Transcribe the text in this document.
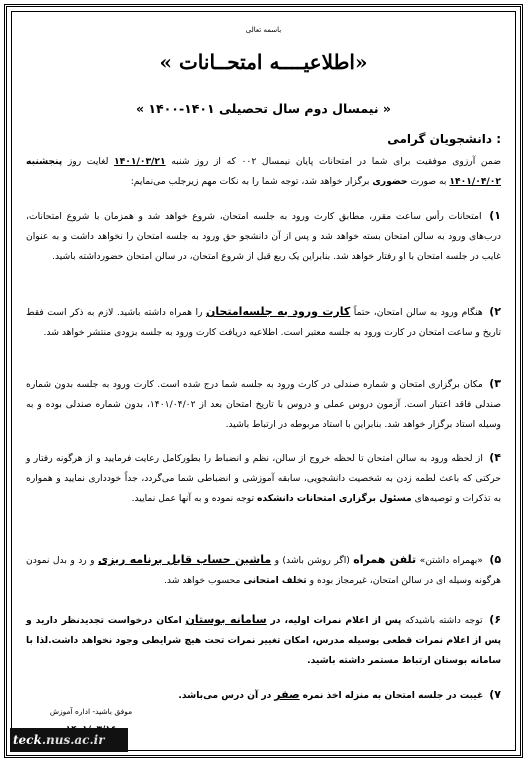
باسمه تعالی
« اطلاعیــــه امتحــانات»
« نیمسال دوم سال تحصیلی ۱۴۰۱-۱۴۰۰ »
دانشجویان گرامی :
ضمن آرزوی موفقیت برای شما در امتحانات پایان نیمسال ۰۰۲ که از روز شنبه ۱۴۰۱/۰۳/۲۱ لغایت روز پنجشنبه ۱۴۰۱/۰۴/۰۲ به صورت حضوری برگزار خواهد شد، توجه شما را به نکات مهم زیرجلب می‌نمایم:
۱) امتحانات رأس ساعت مقرر، مطابق کارت ورود به جلسه امتحان، شروع خواهد شد و همزمان با شروع امتحانات، درب‌های ورود به سالن امتحان بسته خواهد شد و پس از آن دانشجو حق ورود به جلسه امتحان را نخواهد داشت و به عنوان غایب در جلسه امتحان با او رفتار خواهد شد. بنابراین یک ربع قبل از شروع امتحان، در سالن امتحان حضورداشته باشید.
۲) هنگام ورود به سالن امتحان، حتماً کارت ورود به جلسه‌امتحان را همراه داشته باشید. لازم به ذکر است فقط تاریخ و ساعت امتحان در کارت ورود به جلسه معتبر است. اطلاعیه دریافت کارت ورود به جلسه بزودی منتشر خواهد شد.
۳) مکان برگزاری امتحان و شماره صندلی در کارت ورود به جلسه شما درج شده است. کارت ورود به جلسه بدون شماره صندلی فاقد اعتبار است. آزمون دروس عملی و دروس با تاریخ امتحان بعد از ۱۴۰۱/۰۴/۰۲، بدون شماره صندلی بوده و به وسیله استاد برگزار خواهد شد. بنابراین با استاد مربوطه در ارتباط باشید.
۴) از لحظه ورود به سالن امتحان تا لحظه خروج از سالن، نظم و انضباط را بطورکامل رعایت فرمایید و از هرگونه رفتار و حرکتی که باعث لطمه زدن به شخصیت دانشجویی، سابقه آموزشی و انضباطی شما می‌گردد، جداً خودداری نمایید و همواره به تذکرات و توصیه‌های مسئول برگزاری امتحانات دانشکده توجه نموده و به آنها عمل نمایید.
۵) «بهمراه داشتن» تلفن همراه (اگر روشن باشد) و ماشین حساب قابل برنامه ریزی و رد و بدل نمودن هرگونه وسیله ای در سالن امتحان، غیرمجاز بوده و تخلف امتحانی محسوب خواهد شد.
۶) توجه داشته باشیدکه پس از اعلام نمرات اولیه، در سامانه بوستان امکان درخواست تجدیدنظر دارید و پس از اعلام نمرات قطعی بوسیله مدرس، امکان تغییر نمرات تحت هیچ شرایطی وجود نخواهد داشت.لذا با سامانه بوستان ارتباط مستمر داشته باشید.
۷) غیبت در جلسه امتحان به منزله اخذ نمره صفر در آن درس می‌باشد.
موفق باشید- اداره آموزش
teck.nus.ac.ir
